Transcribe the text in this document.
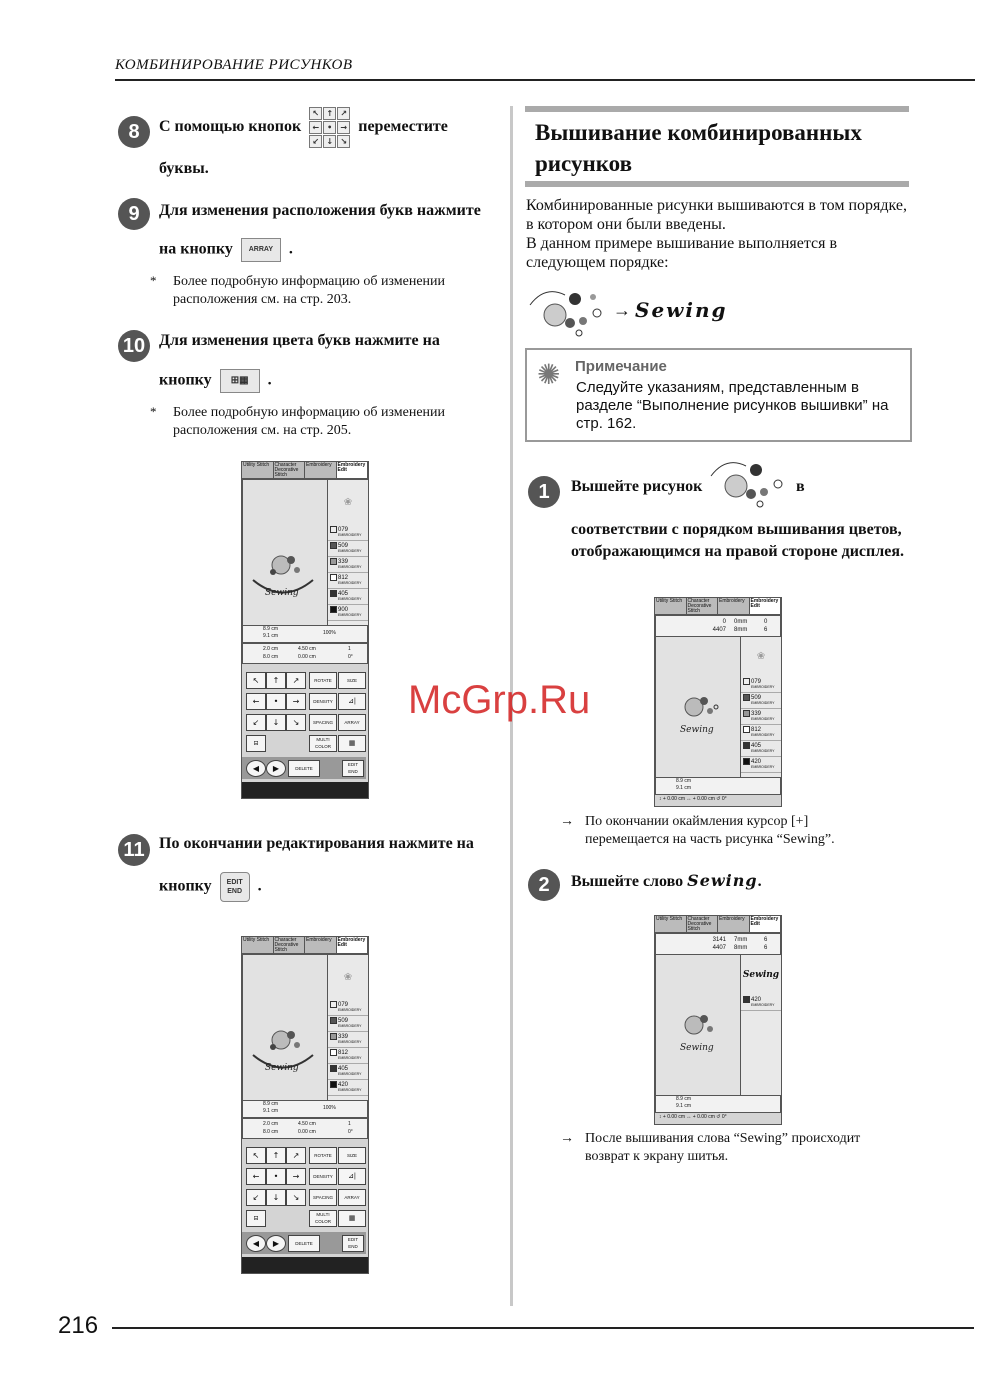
КОМБИНИРОВАНИЕ РИСУНКОВ
8	С помощью кнопок
↖ ↑ ↗
←	•	→
↙ ↓ ↘
переместите
буквы.
9	Для изменения расположения букв нажмите
на кнопку ARRAY .
* Более подробную информацию об изменении расположения см. на стр. 203.
10 Для изменения цвета букв нажмите на
кнопку ⊞▦ .
* Более подробную информацию об изменении расположения см. на стр. 205.
Utility Stitch	Character Decorative Stitch
Embroidery	Embroidery Edit
Sewing
❀
079
EMBROIDERY
509
EMBROIDERY
339
EMBROIDERY
812
EMBROIDERY
405
EMBROIDERY
900
EMBROIDERY
8.9 cm
9.1 cm	100%
2.0 cm
8.0 cm
4.50 cm
0.00 cm
1
0°
↖	↑	↗
←	•	→
↙	↓	↘
ROTATE	SIZE
DENSITY	⊿|
SPACING	ARRAY
⊟
MULTI COLOR	▦
◀	▶	DELETE
EDIT END
11 По окончании редактирования нажмите на
кнопку EDIT END .
Utility Stitch	Character Decorative Stitch
Embroidery	Embroidery Edit
Sewing
❀
079
EMBROIDERY
509
EMBROIDERY
339
EMBROIDERY
812
EMBROIDERY
405
EMBROIDERY
420
EMBROIDERY
8.9 cm
9.1 cm	100%
2.0 cm
8.0 cm
4.50 cm
0.00 cm
1
0°
↖	↑	↗
←	•	→
↙	↓	↘
ROTATE	SIZE
DENSITY	⊿|
SPACING	ARRAY
⊟
MULTI COLOR	▦
◀	▶	DELETE
EDIT END
Вышивание комбинированных
рисунков
Комбинированные рисунки вышиваются в том порядке, в котором они были введены.
В данном примере вышивание выполняется в следующем порядке:
→ Sewing
✺ Примечание
Следуйте указаниям, представленным в разделе “Выполнение рисунков вышивки” на стр. 162.
1	Вышейте рисунок	в
соответствии с порядком вышивания цветов, отображающимся на правой стороне дисплея.
Utility Stitch	Character Decorative Stitch
Embroidery	Embroidery Edit
0
4407
0mm
8mm
0
6
Sewing
❀
079
EMBROIDERY
509
EMBROIDERY
339
EMBROIDERY
812
EMBROIDERY
405
EMBROIDERY
420
EMBROIDERY
8.9 cm
9.1 cm
↕ + 0.00 cm ↔ + 0.00 cm ↺ 0°
→ По окончании окаймления курсор [+] перемещается на часть рисунка “Sewing”.
2	Вышейте слово Sewing.
Utility Stitch	Character Decorative Stitch
Embroidery	Embroidery Edit
3141
4407
7mm
8mm
6
6
Sewing
Sewing
420
EMBROIDERY
8.9 cm
9.1 cm
↕ + 0.00 cm ↔ + 0.00 cm ↺ 0°
→ После вышивания слова “Sewing” происходит возврат к экрану шитья.
McGrp.Ru
216
